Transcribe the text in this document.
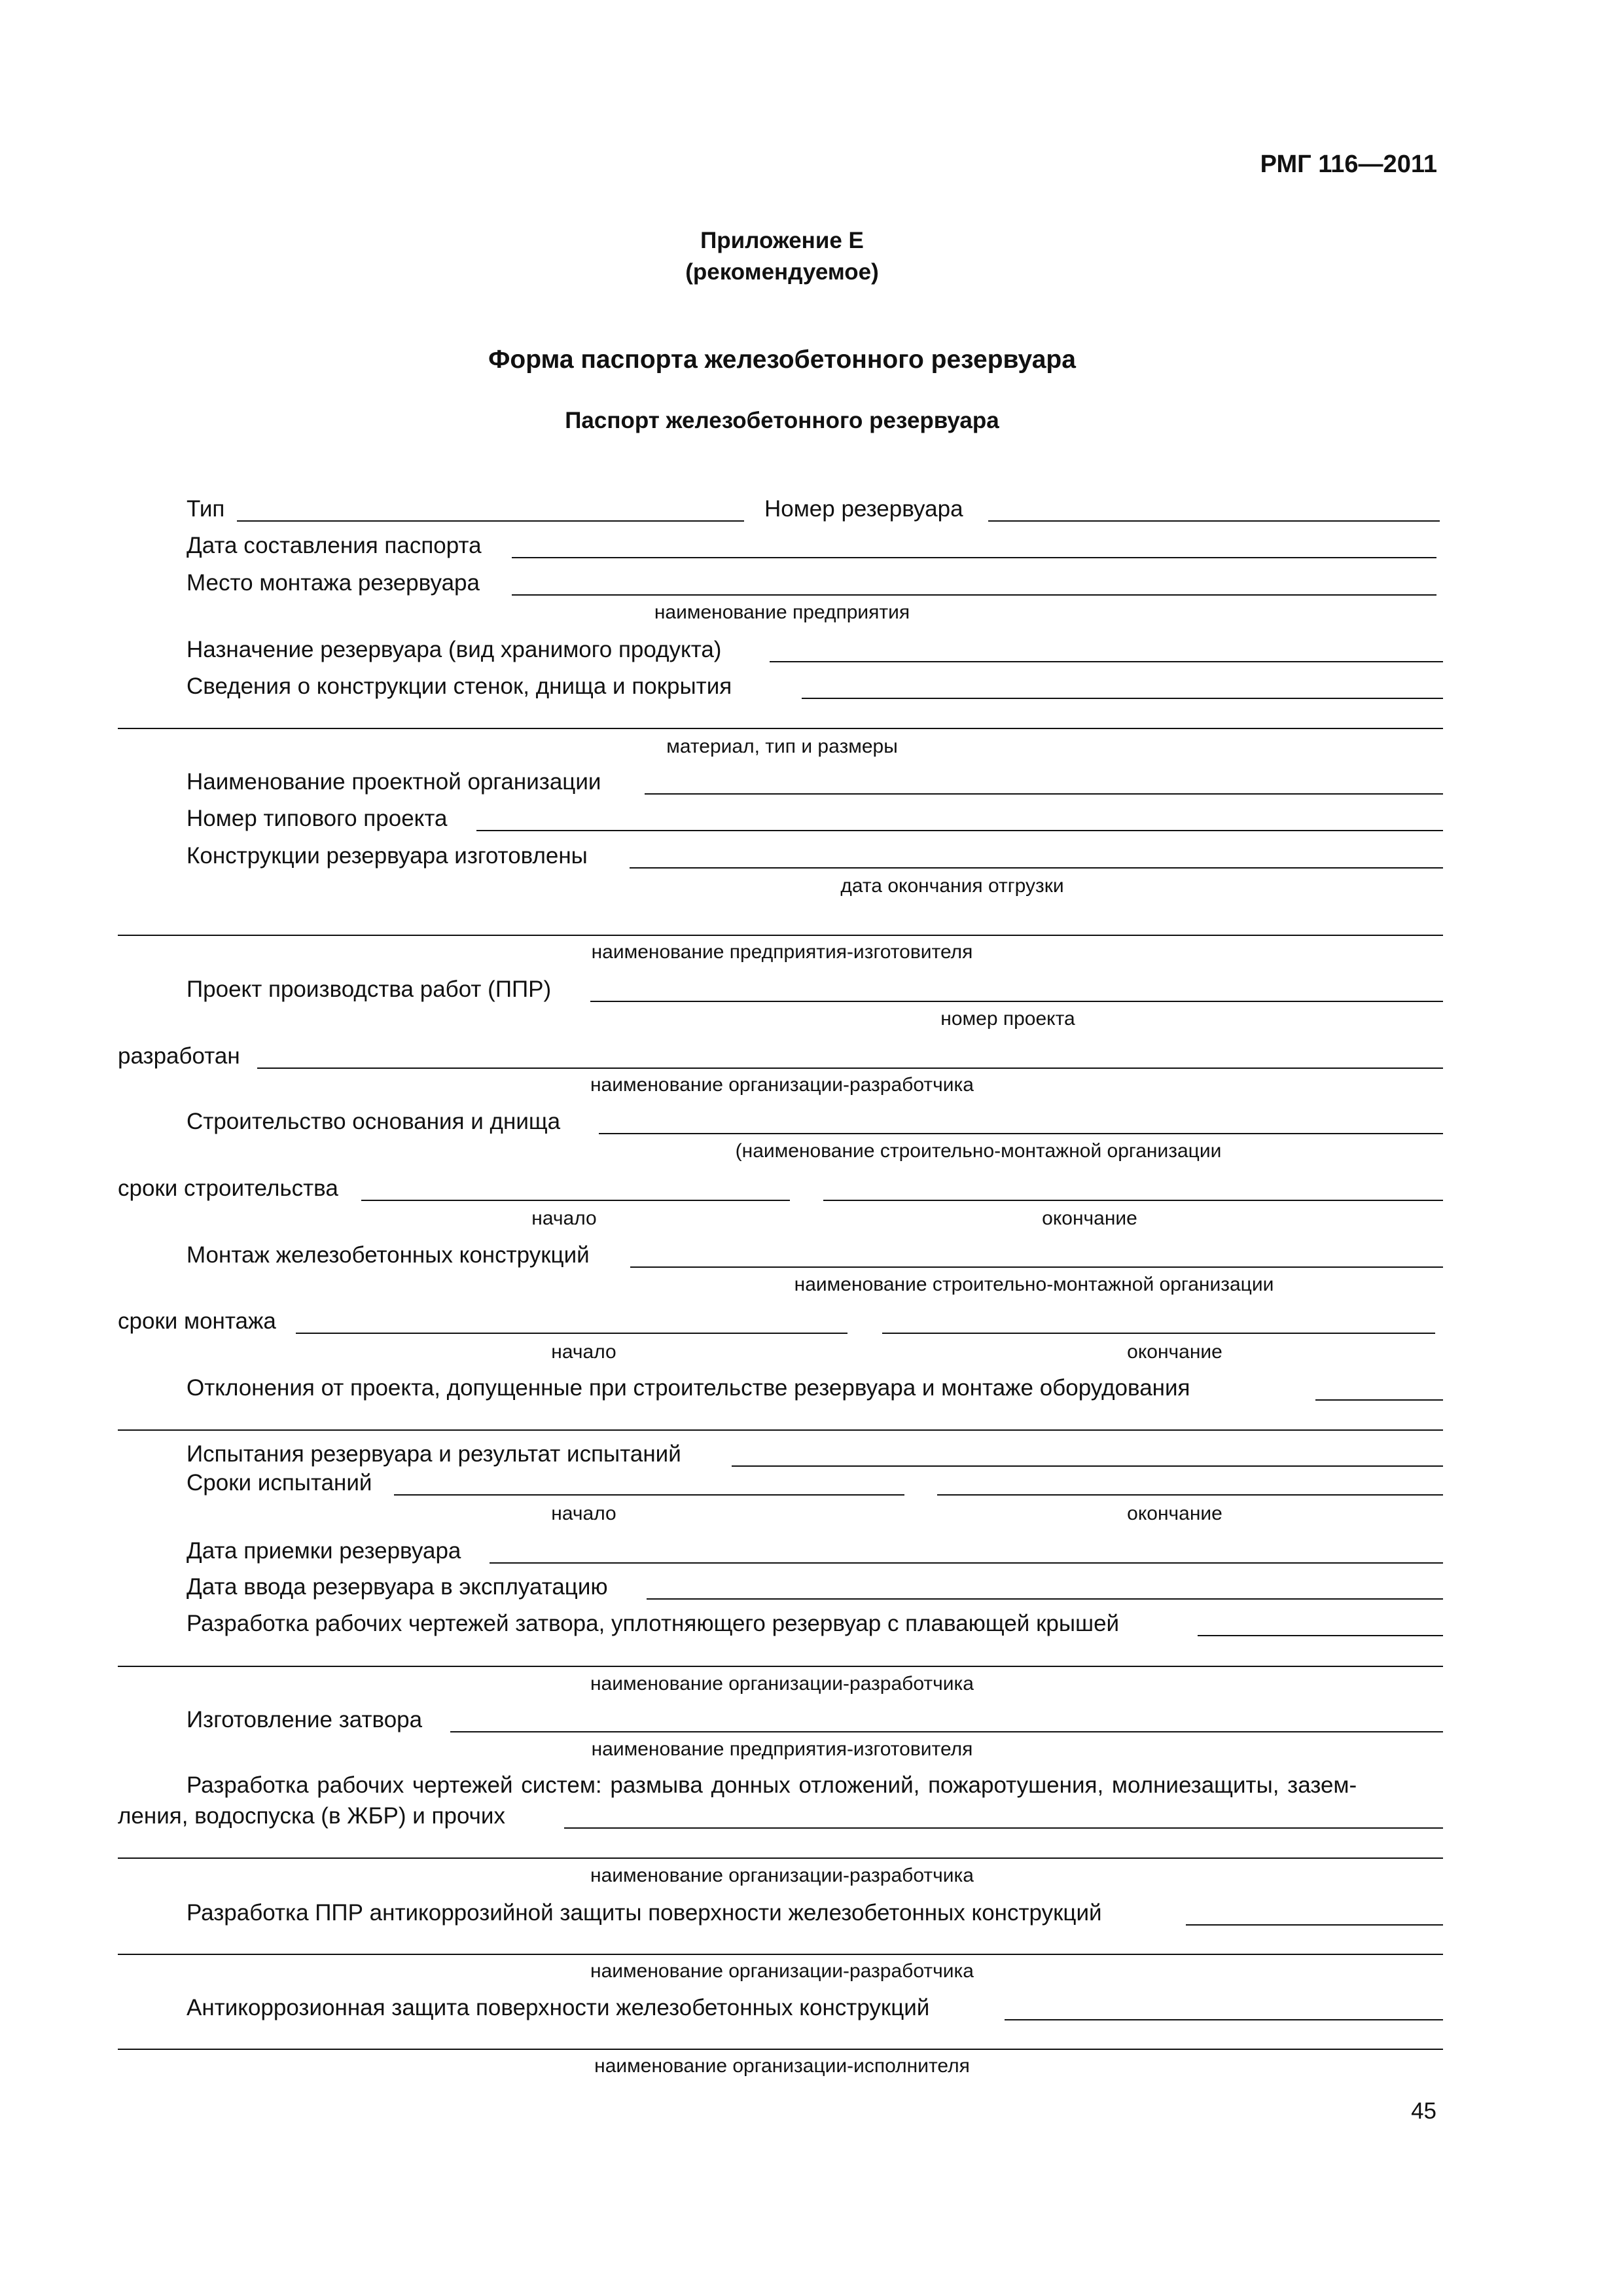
РМГ 116—2011
Приложение Е
(рекомендуемое)
Форма паспорта железобетонного резервуара
Паспорт железобетонного резервуара
Тип	Номер резервуара
Дата составления паспорта
Место монтажа резервуара
наименование предприятия
Назначение резервуара (вид хранимого продукта)
Сведения о конструкции стенок, днища и покрытия
материал, тип и размеры
Наименование проектной организации
Номер типового проекта
Конструкции резервуара изготовлены
дата окончания отгрузки
наименование предприятия-изготовителя
Проект производства работ (ППР)
номер проекта
разработан
наименование организации-разработчика
Строительство основания и днища
(наименование строительно-монтажной организации
сроки строительства
начало	окончание
Монтаж железобетонных конструкций
наименование строительно-монтажной организации
сроки монтажа
начало	окончание
Отклонения от проекта, допущенные при строительстве резервуара и монтаже оборудования
Испытания резервуара и результат испытаний
Сроки испытаний
начало	окончание
Дата приемки резервуара
Дата ввода резервуара в эксплуатацию
Разработка рабочих чертежей затвора, уплотняющего резервуар с плавающей крышей
наименование организации-разработчика
Изготовление затвора
наименование предприятия-изготовителя
Разработка рабочих чертежей систем: размыва донных отложений, пожаротушения, молниезащиты, зазем-
ления, водоспуска (в ЖБР) и прочих
наименование организации-разработчика
Разработка ППР антикоррозийной защиты поверхности железобетонных конструкций
наименование организации-разработчика
Антикоррозионная защита поверхности железобетонных конструкций
наименование организации-исполнителя
45
